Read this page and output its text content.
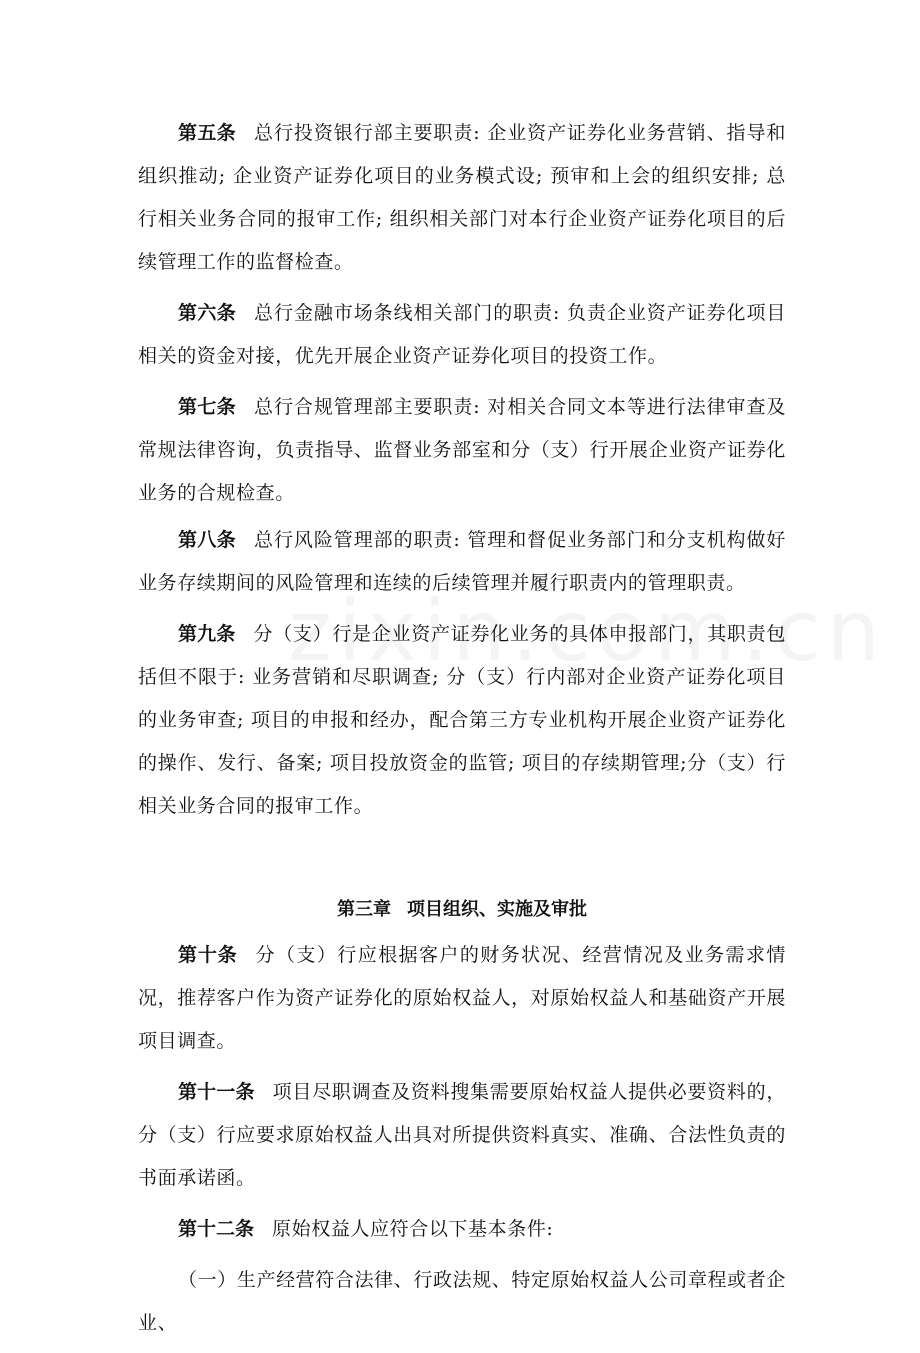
第五条 总行投资银行部主要职责: 企业资产证券化业务营销、指导和组织推动; 企业资产证券化项目的业务模式设; 预审和上会的组织安排; 总行相关业务合同的报审工作; 组织相关部门对本行企业资产证券化项目的后续管理工作的监督检查。

第六条 总行金融市场条线相关部门的职责: 负责企业资产证券化项目相关的资金对接，优先开展企业资产证券化项目的投资工作。

第七条 总行合规管理部主要职责: 对相关合同文本等进行法律审查及常规法律咨询，负责指导、监督业务部室和分（支）行开展企业资产证券化业务的合规检查。

第八条 总行风险管理部的职责: 管理和督促业务部门和分支机构做好业务存续期间的风险管理和连续的后续管理并履行职责内的管理职责。

第九条 分（支）行是企业资产证券化业务的具体申报部门，其职责包括但不限于: 业务营销和尽职调查; 分（支）行内部对企业资产证券化项目的业务审查; 项目的申报和经办，配合第三方专业机构开展企业资产证券化的操作、发行、备案; 项目投放资金的监管; 项目的存续期管理;分（支）行相关业务合同的报审工作。

第三章 项目组织、实施及审批

第十条 分（支）行应根据客户的财务状况、经营情况及业务需求情况，推荐客户作为资产证券化的原始权益人，对原始权益人和基础资产开展项目调查。

第十一条 项目尽职调查及资料搜集需要原始权益人提供必要资料的，分（支）行应要求原始权益人出具对所提供资料真实、准确、合法性负责的书面承诺函。

第十二条 原始权益人应符合以下基本条件:

（一）生产经营符合法律、行政法规、特定原始权益人公司章程或者企业、
